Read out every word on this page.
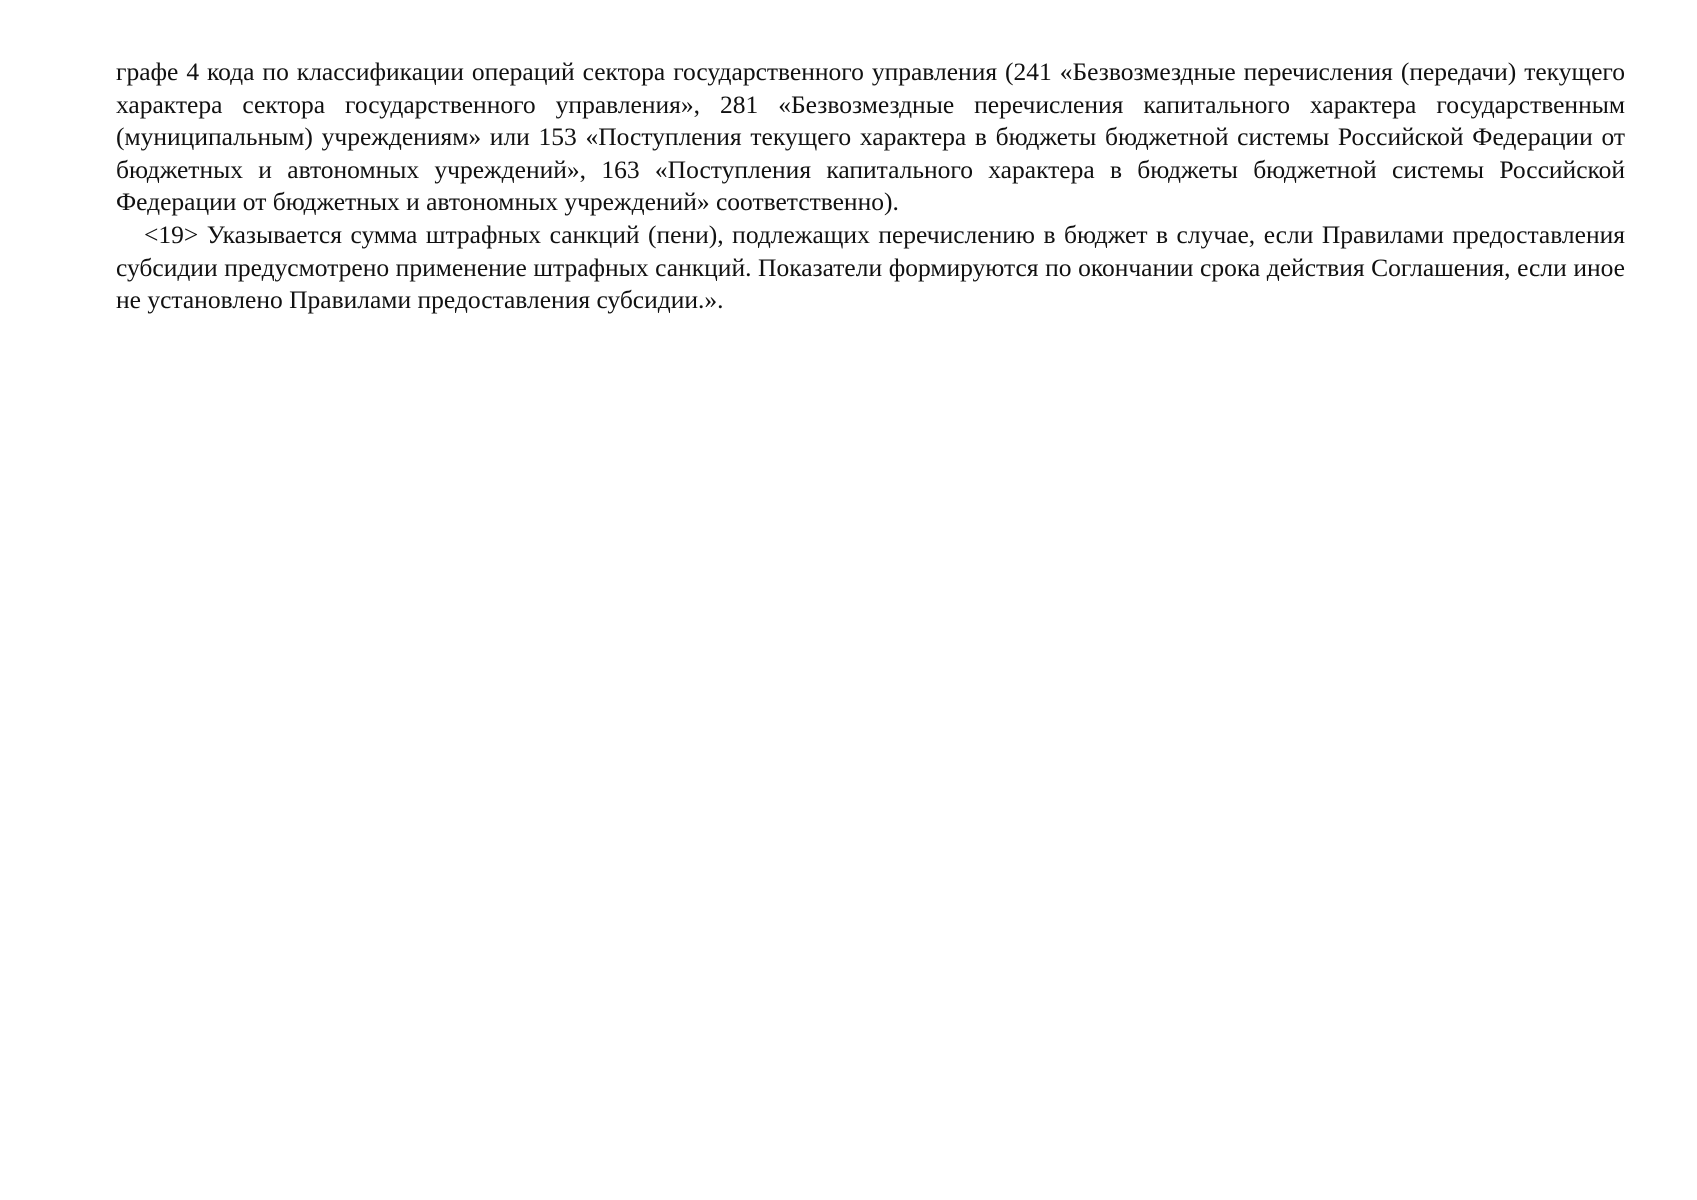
графе 4 кода по классификации операций сектора государственного управления (241 «Безвозмездные перечисления (передачи) текущего характера сектора государственного управления», 281 «Безвозмездные перечисления капитального характера государственным (муниципальным) учреждениям» или 153 «Поступления текущего характера в бюджеты бюджетной системы Российской Федерации от бюджетных и автономных учреждений», 163 «Поступления капитального характера в бюджеты бюджетной системы Российской Федерации от бюджетных и автономных учреждений» соответственно).

<19> Указывается сумма штрафных санкций (пени), подлежащих перечислению в бюджет в случае, если Правилами предоставления субсидии предусмотрено применение штрафных санкций. Показатели формируются по окончании срока действия Соглашения, если иное не установлено Правилами предоставления субсидии.».
